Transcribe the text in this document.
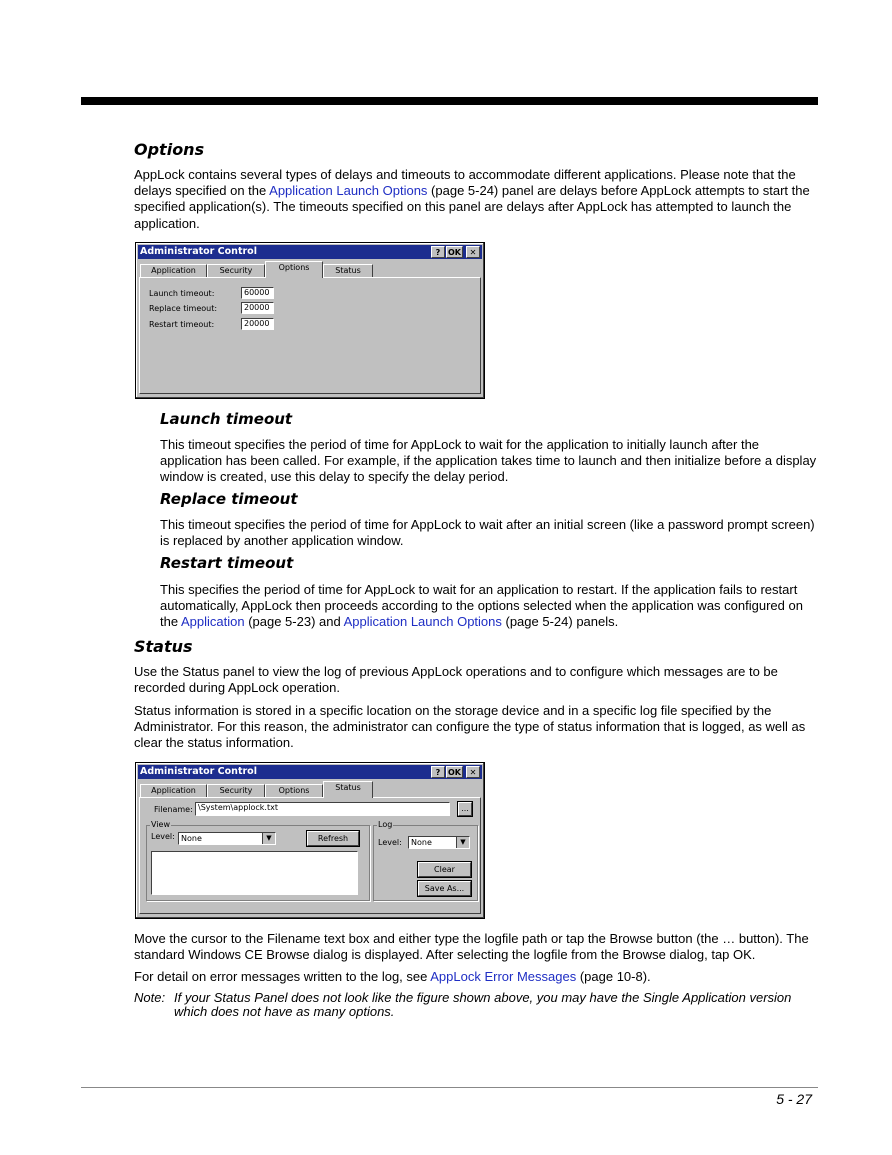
Options
AppLock contains several types of delays and timeouts to accommodate different applications. Please note that the delays specified on the Application Launch Options (page 5-24) panel are delays before AppLock attempts to start the specified application(s). The timeouts specified on this panel are delays after AppLock has attempted to launch the application.
Administrator Control	? OK	✕
Application	Security	Options	Status
Launch timeout:	60000
Replace timeout:	20000
Restart timeout:	20000
Launch timeout
This timeout specifies the period of time for AppLock to wait for the application to initially launch after the application has been called. For example, if the application takes time to launch and then initialize before a display window is created, use this delay to specify the delay period.
Replace timeout
This timeout specifies the period of time for AppLock to wait after an initial screen (like a password prompt screen) is replaced by another application window.
Restart timeout
This specifies the period of time for AppLock to wait for an application to restart. If the application fails to restart automatically, AppLock then proceeds according to the options selected when the application was configured on the Application (page 5-23) and Application Launch Options (page 5-24) panels.
Status
Use the Status panel to view the log of previous AppLock operations and to configure which messages are to be recorded during AppLock operation.
Status information is stored in a specific location on the storage device and in a specific log file specified by the Administrator. For this reason, the administrator can configure the type of status information that is logged, as well as clear the status information.
Administrator Control	? OK	✕
Application	Security	Options	Status
Filename: \System\applock.txt	...
View
Level: None	▼	Refresh
Log
Level:	None	▼
Clear
Save As...
Move the cursor to the Filename text box and either type the logfile path or tap the Browse button (the … button). The standard Windows CE Browse dialog is displayed. After selecting the logfile from the Browse dialog, tap OK.
For detail on error messages written to the log, see AppLock Error Messages (page 10-8).
Note: If your Status Panel does not look like the figure shown above, you may have the Single Application version which does not have as many options.
5 - 27
